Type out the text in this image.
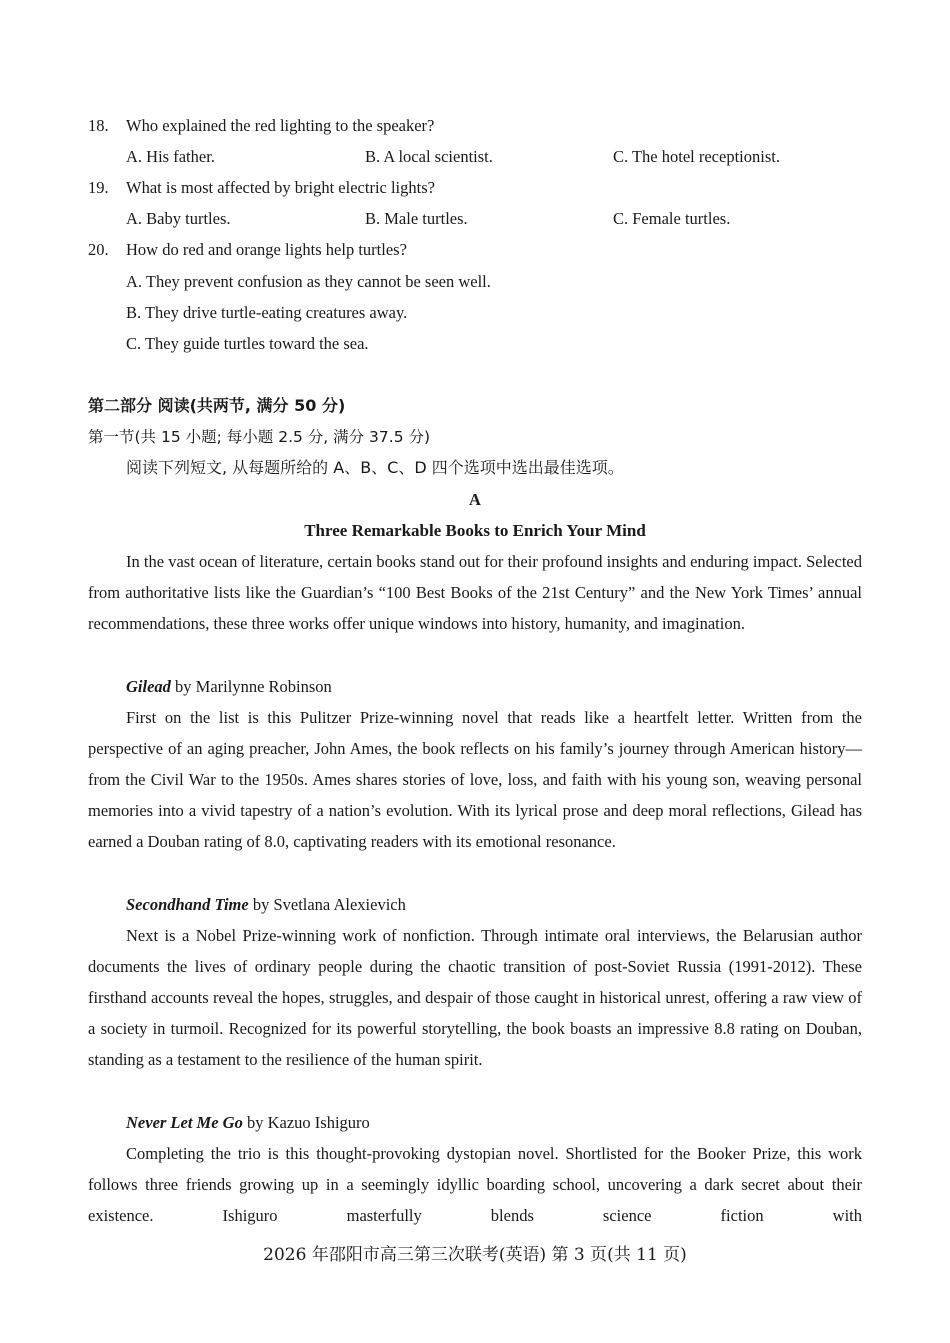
18. Who explained the red lighting to the speaker?
A. His father.	B. A local scientist.	C. The hotel receptionist.
19. What is most affected by bright electric lights?
A. Baby turtles.	B. Male turtles.	C. Female turtles.
20. How do red and orange lights help turtles?
A. They prevent confusion as they cannot be seen well.
B. They drive turtle-eating creatures away.
C. They guide turtles toward the sea.
第二部分 阅读(共两节, 满分 50 分)
第一节(共 15 小题; 每小题 2.5 分, 满分 37.5 分)
阅读下列短文, 从每题所给的 A、B、C、D 四个选项中选出最佳选项。
A
Three Remarkable Books to Enrich Your Mind
In the vast ocean of literature, certain books stand out for their profound insights and enduring impact. Selected from authoritative lists like the Guardian’s “100 Best Books of the 21st Century” and the New York Times’ annual recommendations, these three works offer unique windows into history, humanity, and imagination.
Gilead by Marilynne Robinson
First on the list is this Pulitzer Prize-winning novel that reads like a heartfelt letter. Written from the perspective of an aging preacher, John Ames, the book reflects on his family’s journey through American history—from the Civil War to the 1950s. Ames shares stories of love, loss, and faith with his young son, weaving personal memories into a vivid tapestry of a nation’s evolution. With its lyrical prose and deep moral reflections, Gilead has earned a Douban rating of 8.0, captivating readers with its emotional resonance.
Secondhand Time by Svetlana Alexievich
Next is a Nobel Prize-winning work of nonfiction. Through intimate oral interviews, the Belarusian author documents the lives of ordinary people during the chaotic transition of post-Soviet Russia (1991-2012). These firsthand accounts reveal the hopes, struggles, and despair of those caught in historical unrest, offering a raw view of a society in turmoil. Recognized for its powerful storytelling, the book boasts an impressive 8.8 rating on Douban, standing as a testament to the resilience of the human spirit.
Never Let Me Go by Kazuo Ishiguro
Completing the trio is this thought-provoking dystopian novel. Shortlisted for the Booker Prize, this work follows three friends growing up in a seemingly idyllic boarding school, uncovering a dark secret about their existence. Ishiguro masterfully blends science fiction with
2026 年邵阳市高三第三次联考(英语) 第 3 页(共 11 页)
